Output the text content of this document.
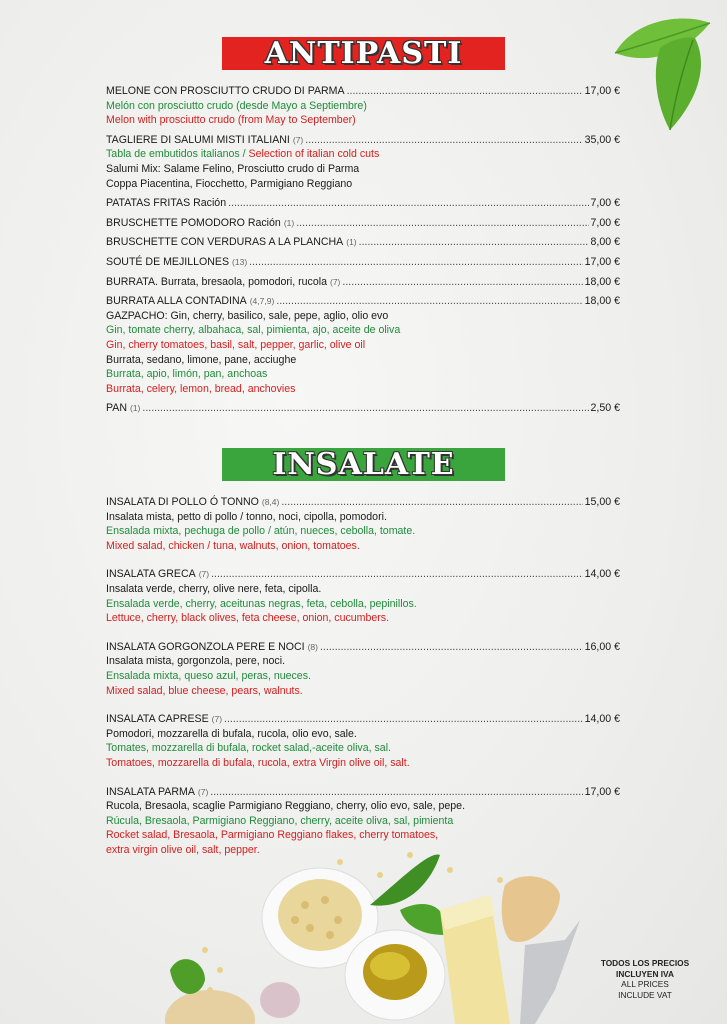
ANTIPASTI
MELONE CON PROSCIUTTO CRUDO DI PARMA .....	17,00 €
Melón con prosciutto crudo (desde Mayo a Septiembre)
Melon with prosciutto crudo (from May to September)
TAGLIERE DI SALUMI MISTI ITALIANI (7) .....	35,00 €
Tabla de embutidos italianos / Selection of italian cold cuts
Salumi Mix: Salame Felino, Prosciutto crudo di Parma
Coppa Piacentina, Fiocchetto, Parmigiano Reggiano
PATATAS FRITAS Ración .....	7,00 €
BRUSCHETTE POMODORO Ración (1) .....	7,00 €
BRUSCHETTE CON VERDURAS A LA PLANCHA (1) .....	8,00 €
SOUTÉ DE MEJILLONES (13) .....	17,00 €
BURRATA. Burrata, bresaola, pomodori, rucola (7) .....	18,00 €
BURRATA ALLA CONTADINA (4,7,9) .....	18,00 €
GAZPACHO: Gin, cherry, basilico, sale, pepe, aglio, olio evo
Gin, tomate cherry, albahaca, sal, pimienta, ajo, aceite de oliva
Gin, cherry tomatoes, basil, salt, pepper, garlic, olive oil
Burrata, sedano, limone, pane, acciughe
Burrata, apio, limón, pan, anchoas
Burrata, celery, lemon, bread, anchovies
PAN (1) .....	2,50 €
INSALATE
INSALATA DI POLLO Ó TONNO (8,4) .....	15,00 €
Insalata mista, petto di pollo / tonno, noci, cipolla, pomodori.
Ensalada mixta, pechuga de pollo / atún, nueces, cebolla, tomate.
Mixed salad, chicken / tuna, walnuts, onion, tomatoes.
INSALATA GRECA (7) .....	14,00 €
Insalata verde, cherry, olive nere, feta, cipolla.
Ensalada verde, cherry, aceitunas negras, feta, cebolla, pepinillos.
Lettuce, cherry, black olives, feta cheese, onion, cucumbers.
INSALATA GORGONZOLA PERE E NOCI (8) .....	16,00 €
Insalata mista, gorgonzola, pere, noci.
Ensalada mixta, queso azul, peras, nueces.
Mixed salad, blue cheese, pears, walnuts.
INSALATA CAPRESE (7) .....	14,00 €
Pomodori, mozzarella di bufala, rucola, olio evo, sale.
Tomates, mozzarella di bufala, rocket salad,-aceite oliva, sal.
Tomatoes, mozzarella di bufala, rucola, extra Virgin olive oil, salt.
INSALATA PARMA (7) .....	17,00 €
Rucola, Bresaola, scaglie Parmigiano Reggiano, cherry, olio evo, sale, pepe.
Rúcula, Bresaola, Parmigiano Reggiano, cherry, aceite oliva, sal, pimienta
Rocket salad, Bresaola, Parmigiano Reggiano flakes, cherry tomatoes,
extra virgin olive oil, salt, pepper.
TODOS LOS PRECIOS
INCLUYEN IVA
ALL PRICES
INCLUDE VAT
